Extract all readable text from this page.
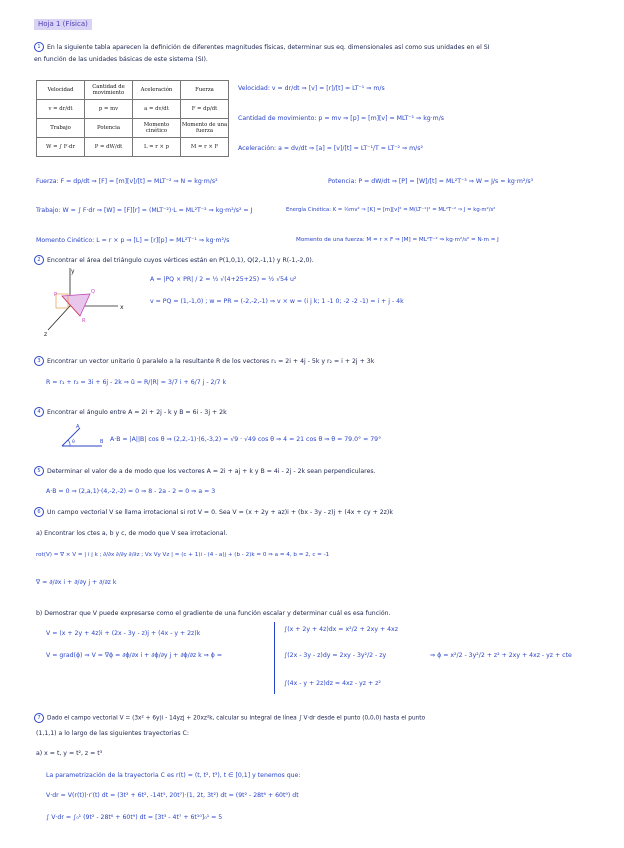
Hoja 1 (Física)
1 En la siguiente tabla aparecen la definición de diferentes magnitudes físicas, determinar sus eq. dimensionales así como sus unidades en el SI
en función de las unidades básicas de este sistema (SI).
Velocidad	Cantidad de movimiento	Aceleración	Fuerza
v = dr/dt	p = mv	a = dv/dt	F = dp/dt
Trabajo	Potencia	Momento cinético	Momento de una fuerza
W = ∫ F·dr	P = dW/dt	L = r × p	M = r × F
Velocidad: v = dr/dt ⇒ [v] = [r]/[t] = LT⁻¹ ⇒ m/s
Cantidad de movimiento: p = mv ⇒ [p] = [m][v] = MLT⁻¹ ⇒ kg·m/s
Aceleración: a = dv/dt ⇒ [a] = [v]/[t] = LT⁻¹/T = LT⁻² ⇒ m/s²
Fuerza: F = dp/dt ⇒ [F] = [m][v]/[t] = MLT⁻² ⇒ N = kg·m/s²	Potencia: P = dW/dt ⇒ [P] = [W]/[t] = ML²T⁻³ ⇒ W = J/s = kg·m²/s³
Trabajo: W = ∫ F·dr ⇒ [W] = [F][r] = (MLT⁻²)·L = ML²T⁻² ⇒ kg·m²/s² = J	Energía Cinética: K = ½mv² ⇒ [K] = [m][v]² = M(LT⁻¹)² = ML²T⁻² ⇒ J = kg·m²/s²
Momento Cinético: L = r × p ⇒ [L] = [r][p] = ML²T⁻¹ ⇒ kg·m²/s	Momento de una fuerza: M = r × F ⇒ [M] = ML²T⁻² ⇒ kg·m²/s² = N·m = J
2 Encontrar el área del triángulo cuyos vértices están en P(1,0,1), Q(2,-1,1) y R(-1,-2,0).
y
x
z
P	Q
R
A = |PQ × PR| / 2 = ½ √(4+25+25) = ½ √54 u²
v = PQ = (1,-1,0) ; w = PR = (-2,-2,-1) ⇒ v × w = (i j k; 1 -1 0; -2 -2 -1) = i + j - 4k
3 Encontrar un vector unitario û paralelo a la resultante R de los vectores r₁ = 2i + 4j - 5k y r₂ = i + 2j + 3k
R = r₁ + r₂ = 3i + 6j - 2k ⇒ û = R/|R| = 3/7 i + 6/7 j - 2/7 k
4 Encontrar el ángulo entre A = 2i + 2j - k y B = 6i - 3j + 2k
A
B
θ	A·B = |A||B| cos θ ⇒ (2,2,-1)·(6,-3,2) = √9 · √49 cos θ ⇒ 4 = 21 cos θ ⇒ θ = 79.0° ≈ 79°
5 Determinar el valor de a de modo que los vectores A = 2i + aj + k y B = 4i - 2j - 2k sean perpendiculares.
A·B = 0 ⇒ (2,a,1)·(4,-2,-2) = 0 ⇒ 8 - 2a - 2 = 0 ⇒ a = 3
6 Un campo vectorial V se llama irrotacional si rot V = 0. Sea V = (x + 2y + az)i + (bx - 3y - z)j + (4x + cy + 2z)k
a) Encontrar los ctes a, b y c, de modo que V sea irrotacional.
rot(V) = ∇ × V = | i j k ; ∂/∂x ∂/∂y ∂/∂z ; Vx Vy Vz | = (c + 1)i - (4 - a)j + (b - 2)k = 0 ⇒ a = 4, b = 2, c = -1
∇ = ∂/∂x i + ∂/∂y j + ∂/∂z k
b) Demostrar que V puede expresarse como el gradiente de una función escalar y determinar cuál es esa función.
V = (x + 2y + 4z)i + (2x - 3y - z)j + (4x - y + 2z)k
V = grad(ϕ) ⇒ V = ∇ϕ = ∂ϕ/∂x i + ∂ϕ/∂y j + ∂ϕ/∂z k ⇒ ϕ =
∫(x + 2y + 4z)dx = x²/2 + 2xy + 4xz
∫(2x - 3y - z)dy = 2xy - 3y²/2 - zy
∫(4x - y + 2z)dz = 4xz - yz + z²
⇒ ϕ = x²/2 - 3y²/2 + z² + 2xy + 4xz - yz + cte
7 Dado el campo vectorial V = (3x² + 6y)i - 14yzj + 20xz²k, calcular su integral de línea ∫ V·dr desde el punto (0,0,0) hasta el punto
(1,1,1) a lo largo de las siguientes trayectorias C:
a) x = t, y = t², z = t³
La parametrización de la trayectoria C es r(t) = (t, t², t³), t ∈ [0,1] y tenemos que:
V·dr = V(r(t))·r′(t) dt = (3t² + 6t², -14t⁵, 20t⁷)·(1, 2t, 3t²) dt = (9t² - 28t⁶ + 60t⁹) dt
∫ V·dr = ∫₀¹ (9t² - 28t⁶ + 60t⁹) dt = [3t³ - 4t⁷ + 6t¹⁰]₀¹ = 5
